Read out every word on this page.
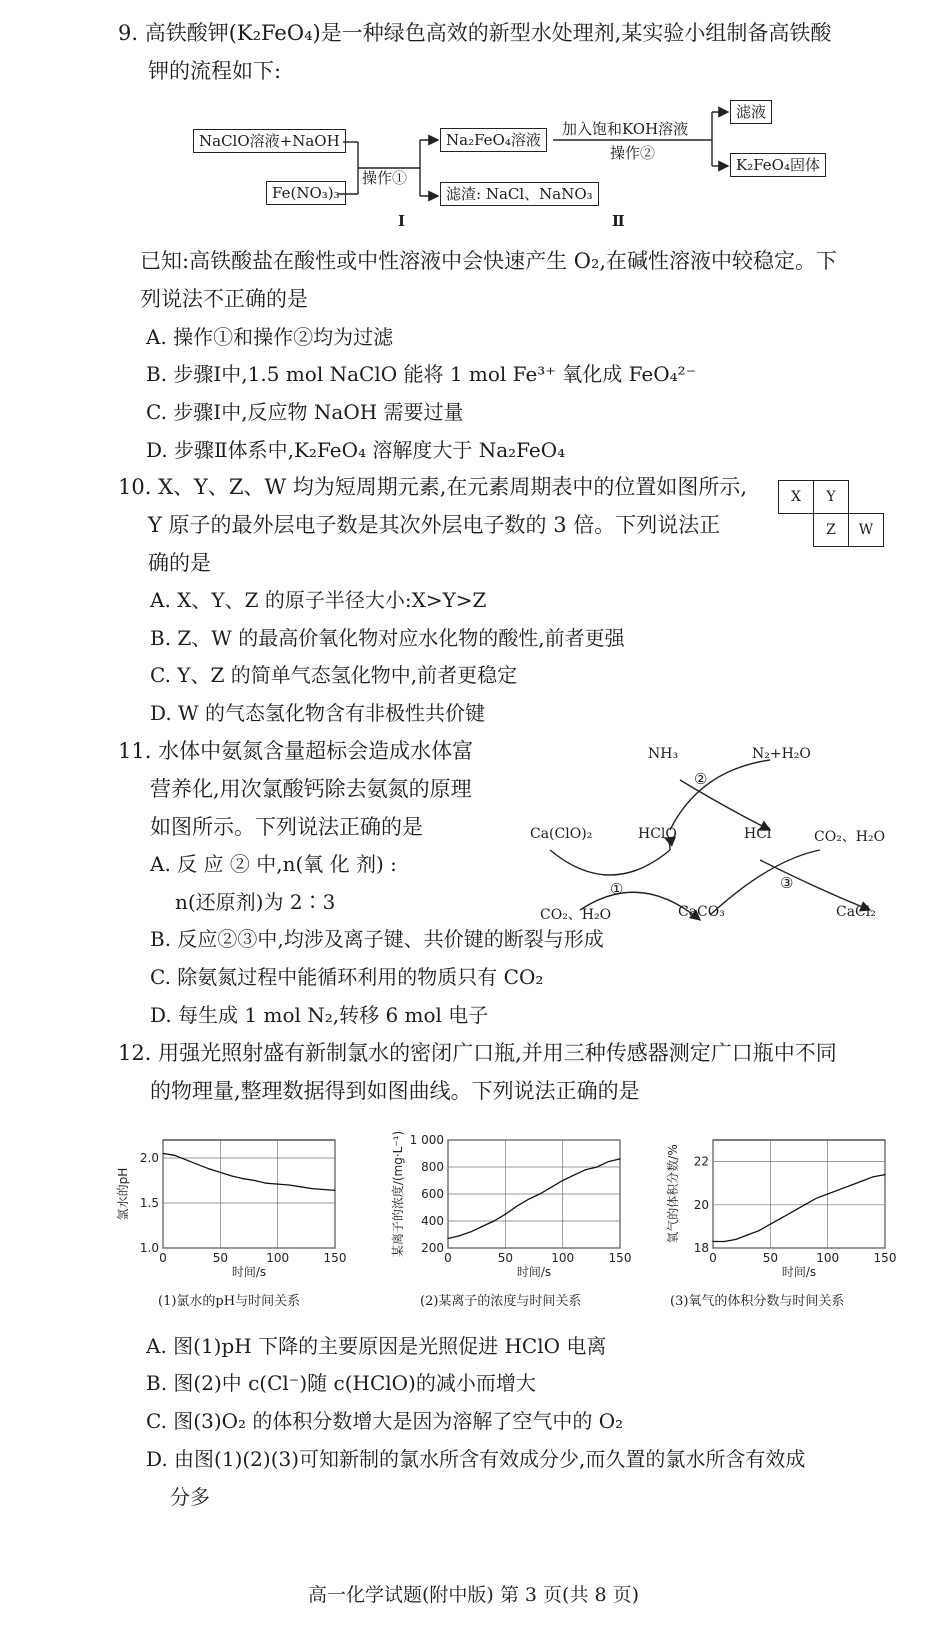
9. 高铁酸钾(K₂FeO₄)是一种绿色高效的新型水处理剂,某实验小组制备高铁酸
钾的流程如下:
NaClO溶液+NaOH
Fe(NO₃)₃
操作①
Na₂FeO₄溶液
滤渣: NaCl、NaNO₃
加入饱和KOH溶液
操作②
滤液
K₂FeO₄固体
Ⅰ	Ⅱ
已知:高铁酸盐在酸性或中性溶液中会快速产生 O₂,在碱性溶液中较稳定。下
列说法不正确的是
A. 操作①和操作②均为过滤
B. 步骤Ⅰ中,1.5 mol NaClO 能将 1 mol Fe³⁺ 氧化成 FeO₄²⁻
C. 步骤Ⅰ中,反应物 NaOH 需要过量
D. 步骤Ⅱ体系中,K₂FeO₄ 溶解度大于 Na₂FeO₄
10. X、Y、Z、W 均为短周期元素,在元素周期表中的位置如图所示,
Y 原子的最外层电子数是其次外层电子数的 3 倍。下列说法正
确的是
X	Y	
	Z	W
A. X、Y、Z 的原子半径大小:X>Y>Z
B. Z、W 的最高价氧化物对应水化物的酸性,前者更强
C. Y、Z 的简单气态氢化物中,前者更稳定
D. W 的气态氢化物含有非极性共价键
11. 水体中氨氮含量超标会造成水体富
营养化,用次氯酸钙除去氨氮的原理
如图所示。下列说法正确的是
A. 反 应 ② 中,n(氧 化 剂) :
n(还原剂)为 2∶3
B. 反应②③中,均涉及离子键、共价键的断裂与形成
C. 除氨氮过程中能循环利用的物质只有 CO₂
D. 每生成 1 mol N₂,转移 6 mol 电子
NH₃	N₂+H₂O
②
Ca(ClO)₂	HClO	HCl	CO₂、H₂O
①	③
CO₂、H₂O	CaCO₃	CaCl₂
12. 用强光照射盛有新制氯水的密闭广口瓶,并用三种传感器测定广口瓶中不同
的物理量,整理数据得到如图曲线。下列说法正确的是
1.0
1.5
2.0
0	50	100	150
时间/s
氯水的pH
200
400
600
800
1 000
0	50	100	150
时间/s
某离子的浓度/(mg·L⁻¹)	18
20
22
0	50	100	150
时间/s
氧气的体积分数/%
(1)氯水的pH与时间关系	(2)某离子的浓度与时间关系	(3)氧气的体积分数与时间关系
A. 图(1)pH 下降的主要原因是光照促进 HClO 电离
B. 图(2)中 c(Cl⁻)随 c(HClO)的减小而增大
C. 图(3)O₂ 的体积分数增大是因为溶解了空气中的 O₂
D. 由图(1)(2)(3)可知新制的氯水所含有效成分少,而久置的氯水所含有效成
分多
高一化学试题(附中版) 第 3 页(共 8 页)
